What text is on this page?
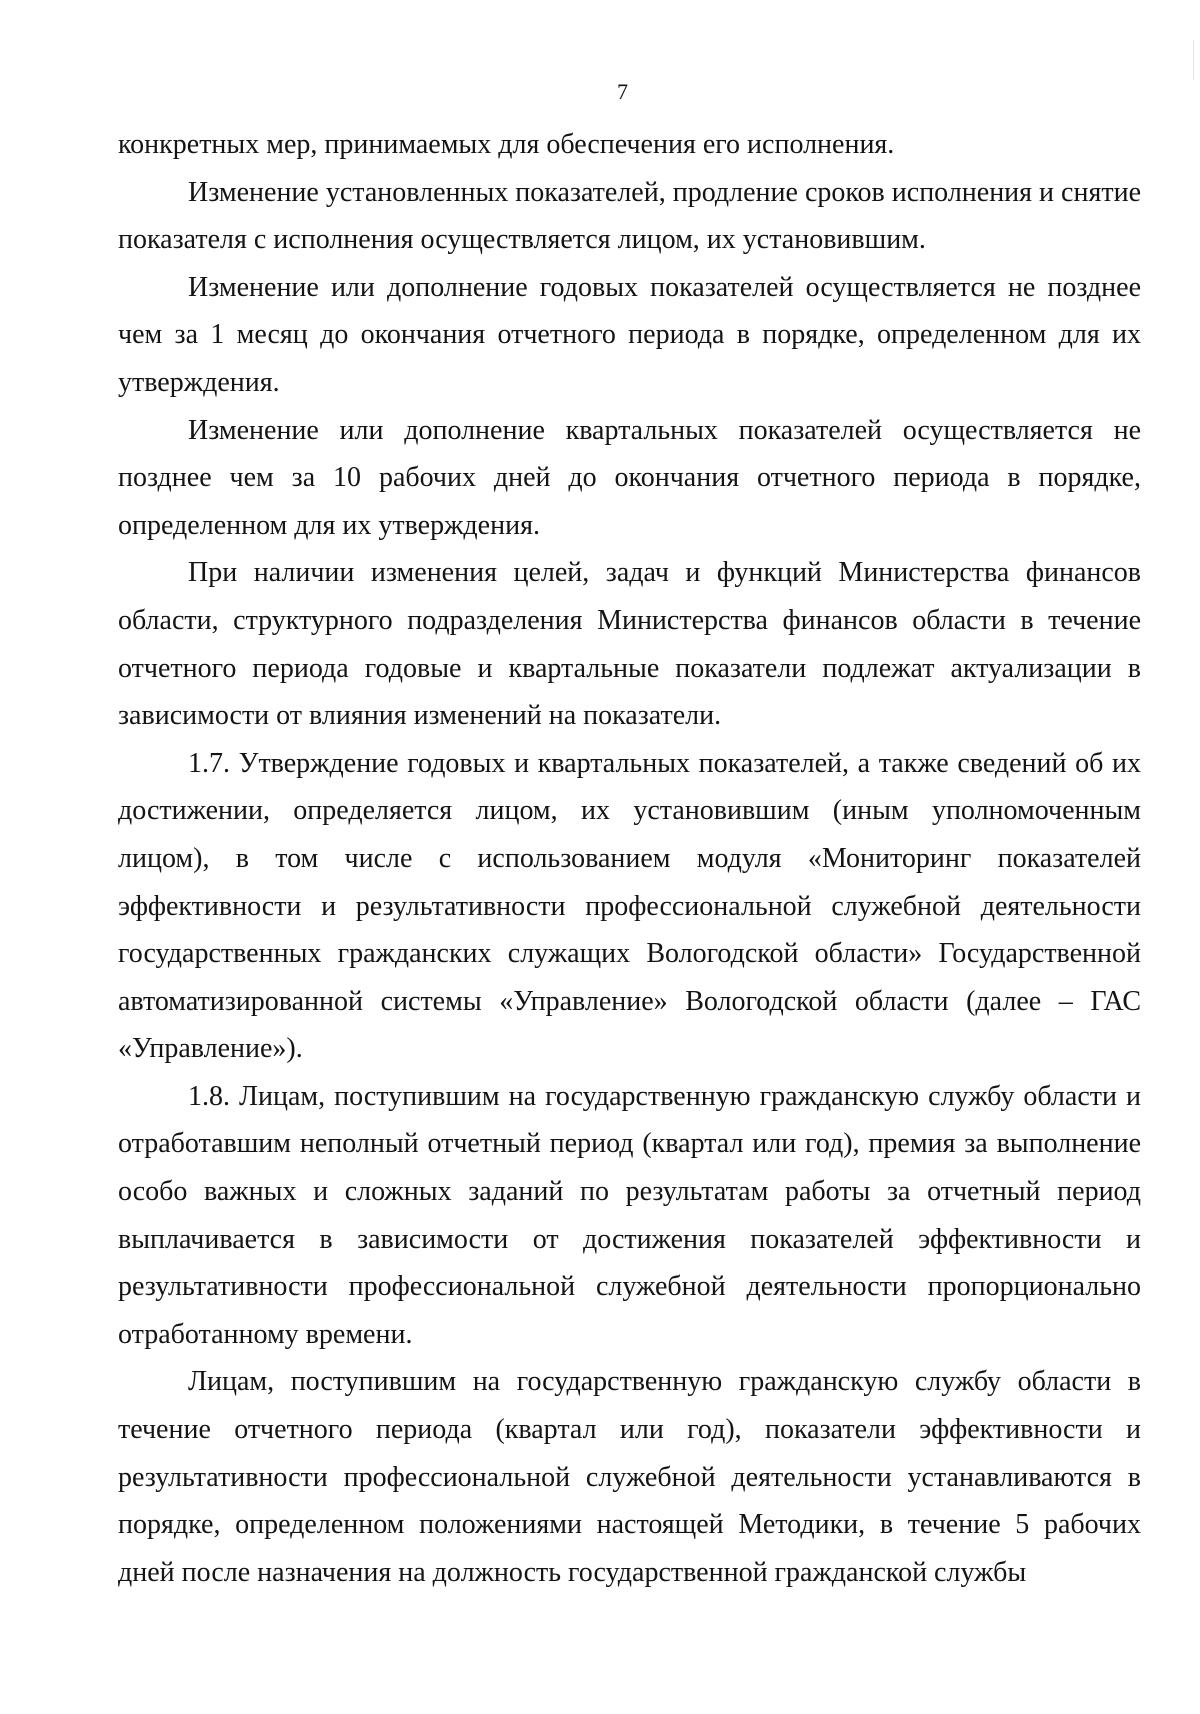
7

конкретных мер, принимаемых для обеспечения его исполнения.

Изменение установленных показателей, продление сроков исполнения и снятие показателя с исполнения осуществляется лицом, их установившим.

Изменение или дополнение годовых показателей осуществляется не позднее чем за 1 месяц до окончания отчетного периода в порядке, определенном для их утверждения.

Изменение или дополнение квартальных показателей осуществляется не позднее чем за 10 рабочих дней до окончания отчетного периода в порядке, определенном для их утверждения.

При наличии изменения целей, задач и функций Министерства финансов области, структурного подразделения Министерства финансов области в течение отчетного периода годовые и квартальные показатели подлежат актуализации в зависимости от влияния изменений на показатели.

1.7. Утверждение годовых и квартальных показателей, а также сведений об их достижении, определяется лицом, их установившим (иным уполномоченным лицом), в том числе с использованием модуля «Мониторинг показателей эффективности и результативности профессиональной служебной деятельности государственных гражданских служащих Вологодской области» Государственной автоматизированной системы «Управление» Вологодской области (далее – ГАС «Управление»).

1.8. Лицам, поступившим на государственную гражданскую службу области и отработавшим неполный отчетный период (квартал или год), премия за выполнение особо важных и сложных заданий по результатам работы за отчетный период выплачивается в зависимости от достижения показателей эффективности и результативности профессиональной служебной деятельности пропорционально отработанному времени.

Лицам, поступившим на государственную гражданскую службу области в течение отчетного периода (квартал или год), показатели эффективности и результативности профессиональной служебной деятельности устанавливаются в порядке, определенном положениями настоящей Методики, в течение 5 рабочих дней после назначения на должность государственной гражданской службы
